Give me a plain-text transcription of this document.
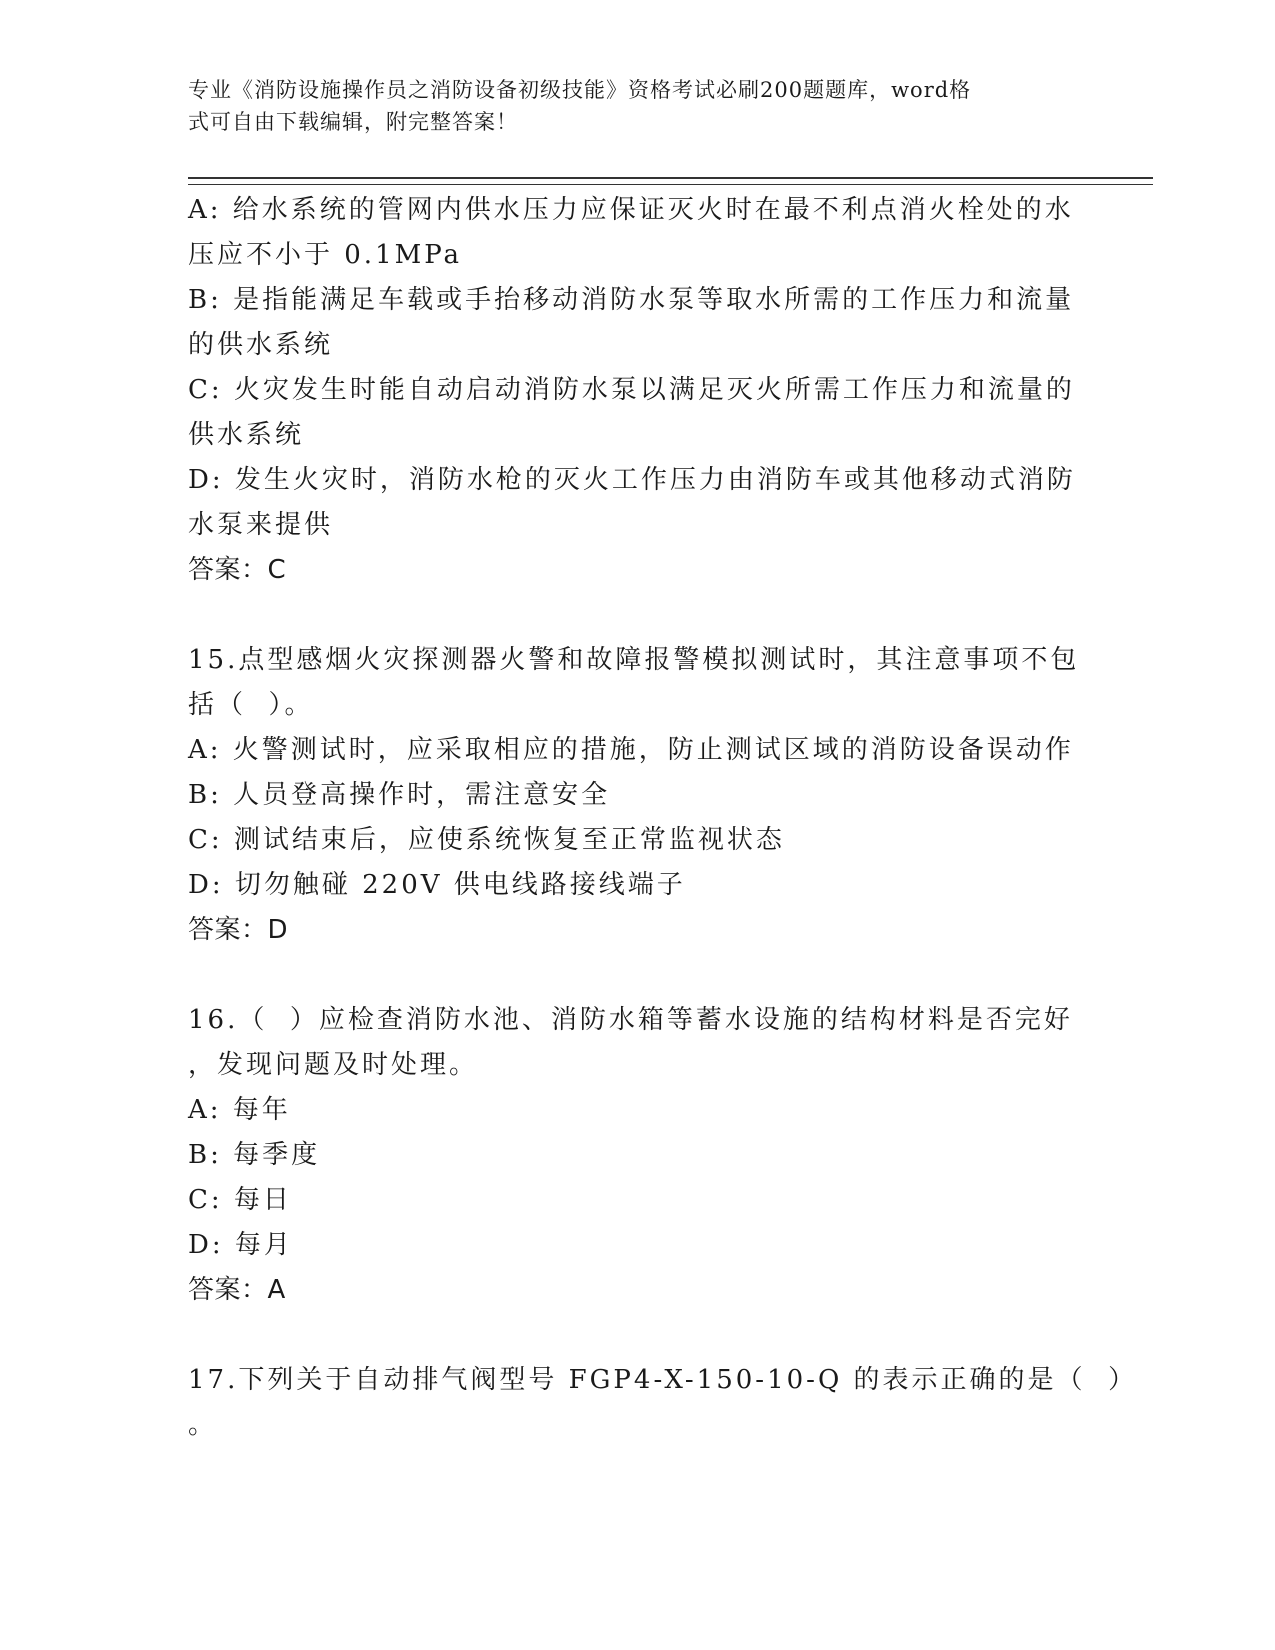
专业《消防设施操作员之消防设备初级技能》资格考试必刷200题题库，word格
式可自由下载编辑，附完整答案！
A: 给水系统的管网内供水压力应保证灭火时在最不利点消火栓处的水
压应不小于 0.1MPa
B: 是指能满足车载或手抬移动消防水泵等取水所需的工作压力和流量
的供水系统
C: 火灾发生时能自动启动消防水泵以满足灭火所需工作压力和流量的
供水系统
D: 发生火灾时，消防水枪的灭火工作压力由消防车或其他移动式消防
水泵来提供
答案：C
15.点型感烟火灾探测器火警和故障报警模拟测试时，其注意事项不包
括（  ）。
A: 火警测试时，应采取相应的措施，防止测试区域的消防设备误动作
B: 人员登高操作时，需注意安全
C: 测试结束后，应使系统恢复至正常监视状态
D: 切勿触碰 220V 供电线路接线端子
答案：D
16.（  ）应检查消防水池、消防水箱等蓄水设施的结构材料是否完好
，发现问题及时处理。
A: 每年
B: 每季度
C: 每日
D: 每月
答案：A
17.下列关于自动排气阀型号 FGP4-X-150-10-Q 的表示正确的是（  ）
。
